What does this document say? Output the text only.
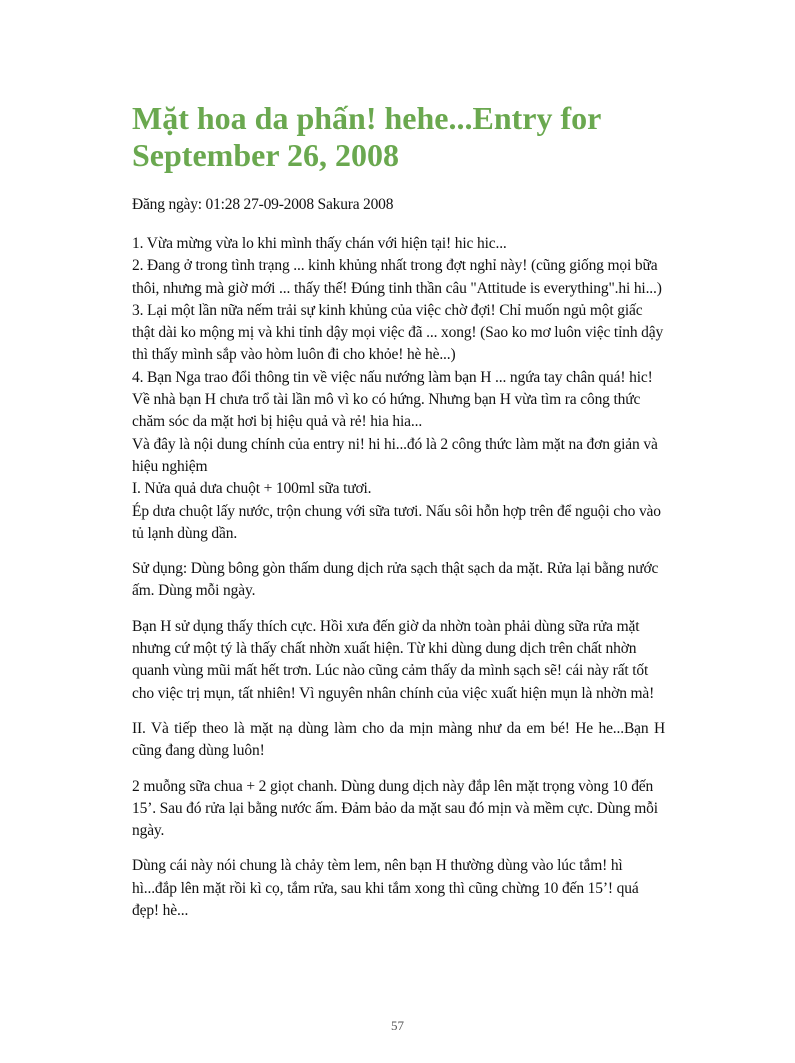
Mặt hoa da phấn! hehe...Entry for September 26, 2008
Đăng ngày: 01:28 27-09-2008 Sakura 2008
1. Vừa mừng vừa lo khi mình thấy chán với hiện tại! hic hic...
2. Đang ở trong tình trạng ... kinh khủng nhất trong đợt nghỉ này! (cũng giống mọi bữa thôi, nhưng mà giờ mới ... thấy thế! Đúng tinh thần câu "Attitude is everything".hi hi...)
3. Lại một lần nữa nếm trải sự kinh khủng của việc chờ đợi! Chỉ muốn ngủ một giấc thật dài ko mộng mị và khi tỉnh dậy mọi việc đã ... xong! (Sao ko mơ luôn việc tỉnh dậy thì thấy mình sắp vào hòm luôn đi cho khỏe! hè hè...)
4. Bạn Nga trao đổi thông tin về việc nấu nướng làm bạn H ... ngứa tay chân quá! hic! Về nhà bạn H chưa trổ tài lần mô vì ko có hứng. Nhưng bạn H vừa tìm ra công thức chăm sóc da mặt hơi bị hiệu quả và rẻ! hia hia...
Và đây là nội dung chính của entry ni! hi hi...đó là 2 công thức làm mặt na đơn giản và hiệu nghiệm
I. Nửa quả dưa chuột + 100ml sữa tươi.
Ép dưa chuột lấy nước, trộn chung với sữa tươi. Nấu sôi hỗn hợp trên để nguội cho vào tủ lạnh dùng dần.

Sử dụng: Dùng bông gòn thấm dung dịch rửa sạch thật sạch da mặt. Rửa lại bằng nước ấm. Dùng mỗi ngày.

Bạn H sử dụng thấy thích cực. Hồi xưa đến giờ da nhờn toàn phải dùng sữa rửa mặt nhưng cứ một tý là thấy chất nhờn xuất hiện. Từ khi dùng dung dịch trên chất nhờn quanh vùng mũi mất hết trơn. Lúc nào cũng cảm thấy da mình sạch sẽ! cái này rất tốt cho việc trị mụn, tất nhiên! Vì nguyên nhân chính của việc xuất hiện mụn là nhờn mà!

II. Và tiếp theo là mặt nạ dùng làm cho da mịn màng như da em bé! He he...Bạn H cũng đang dùng luôn!

2 muỗng sữa chua + 2 giọt chanh. Dùng dung dịch này đắp lên mặt trọng vòng 10 đến 15’. Sau đó rửa lại bằng nước ấm. Đảm bảo da mặt sau đó mịn và mềm cực. Dùng mỗi ngày.

Dùng cái này nói chung là chảy tèm lem, nên bạn H thường dùng vào lúc tắm! hì hì...đắp lên mặt rồi kì cọ, tắm rửa, sau khi tắm xong thì cũng chừng 10 đến 15’! quá đẹp! hè...

57
